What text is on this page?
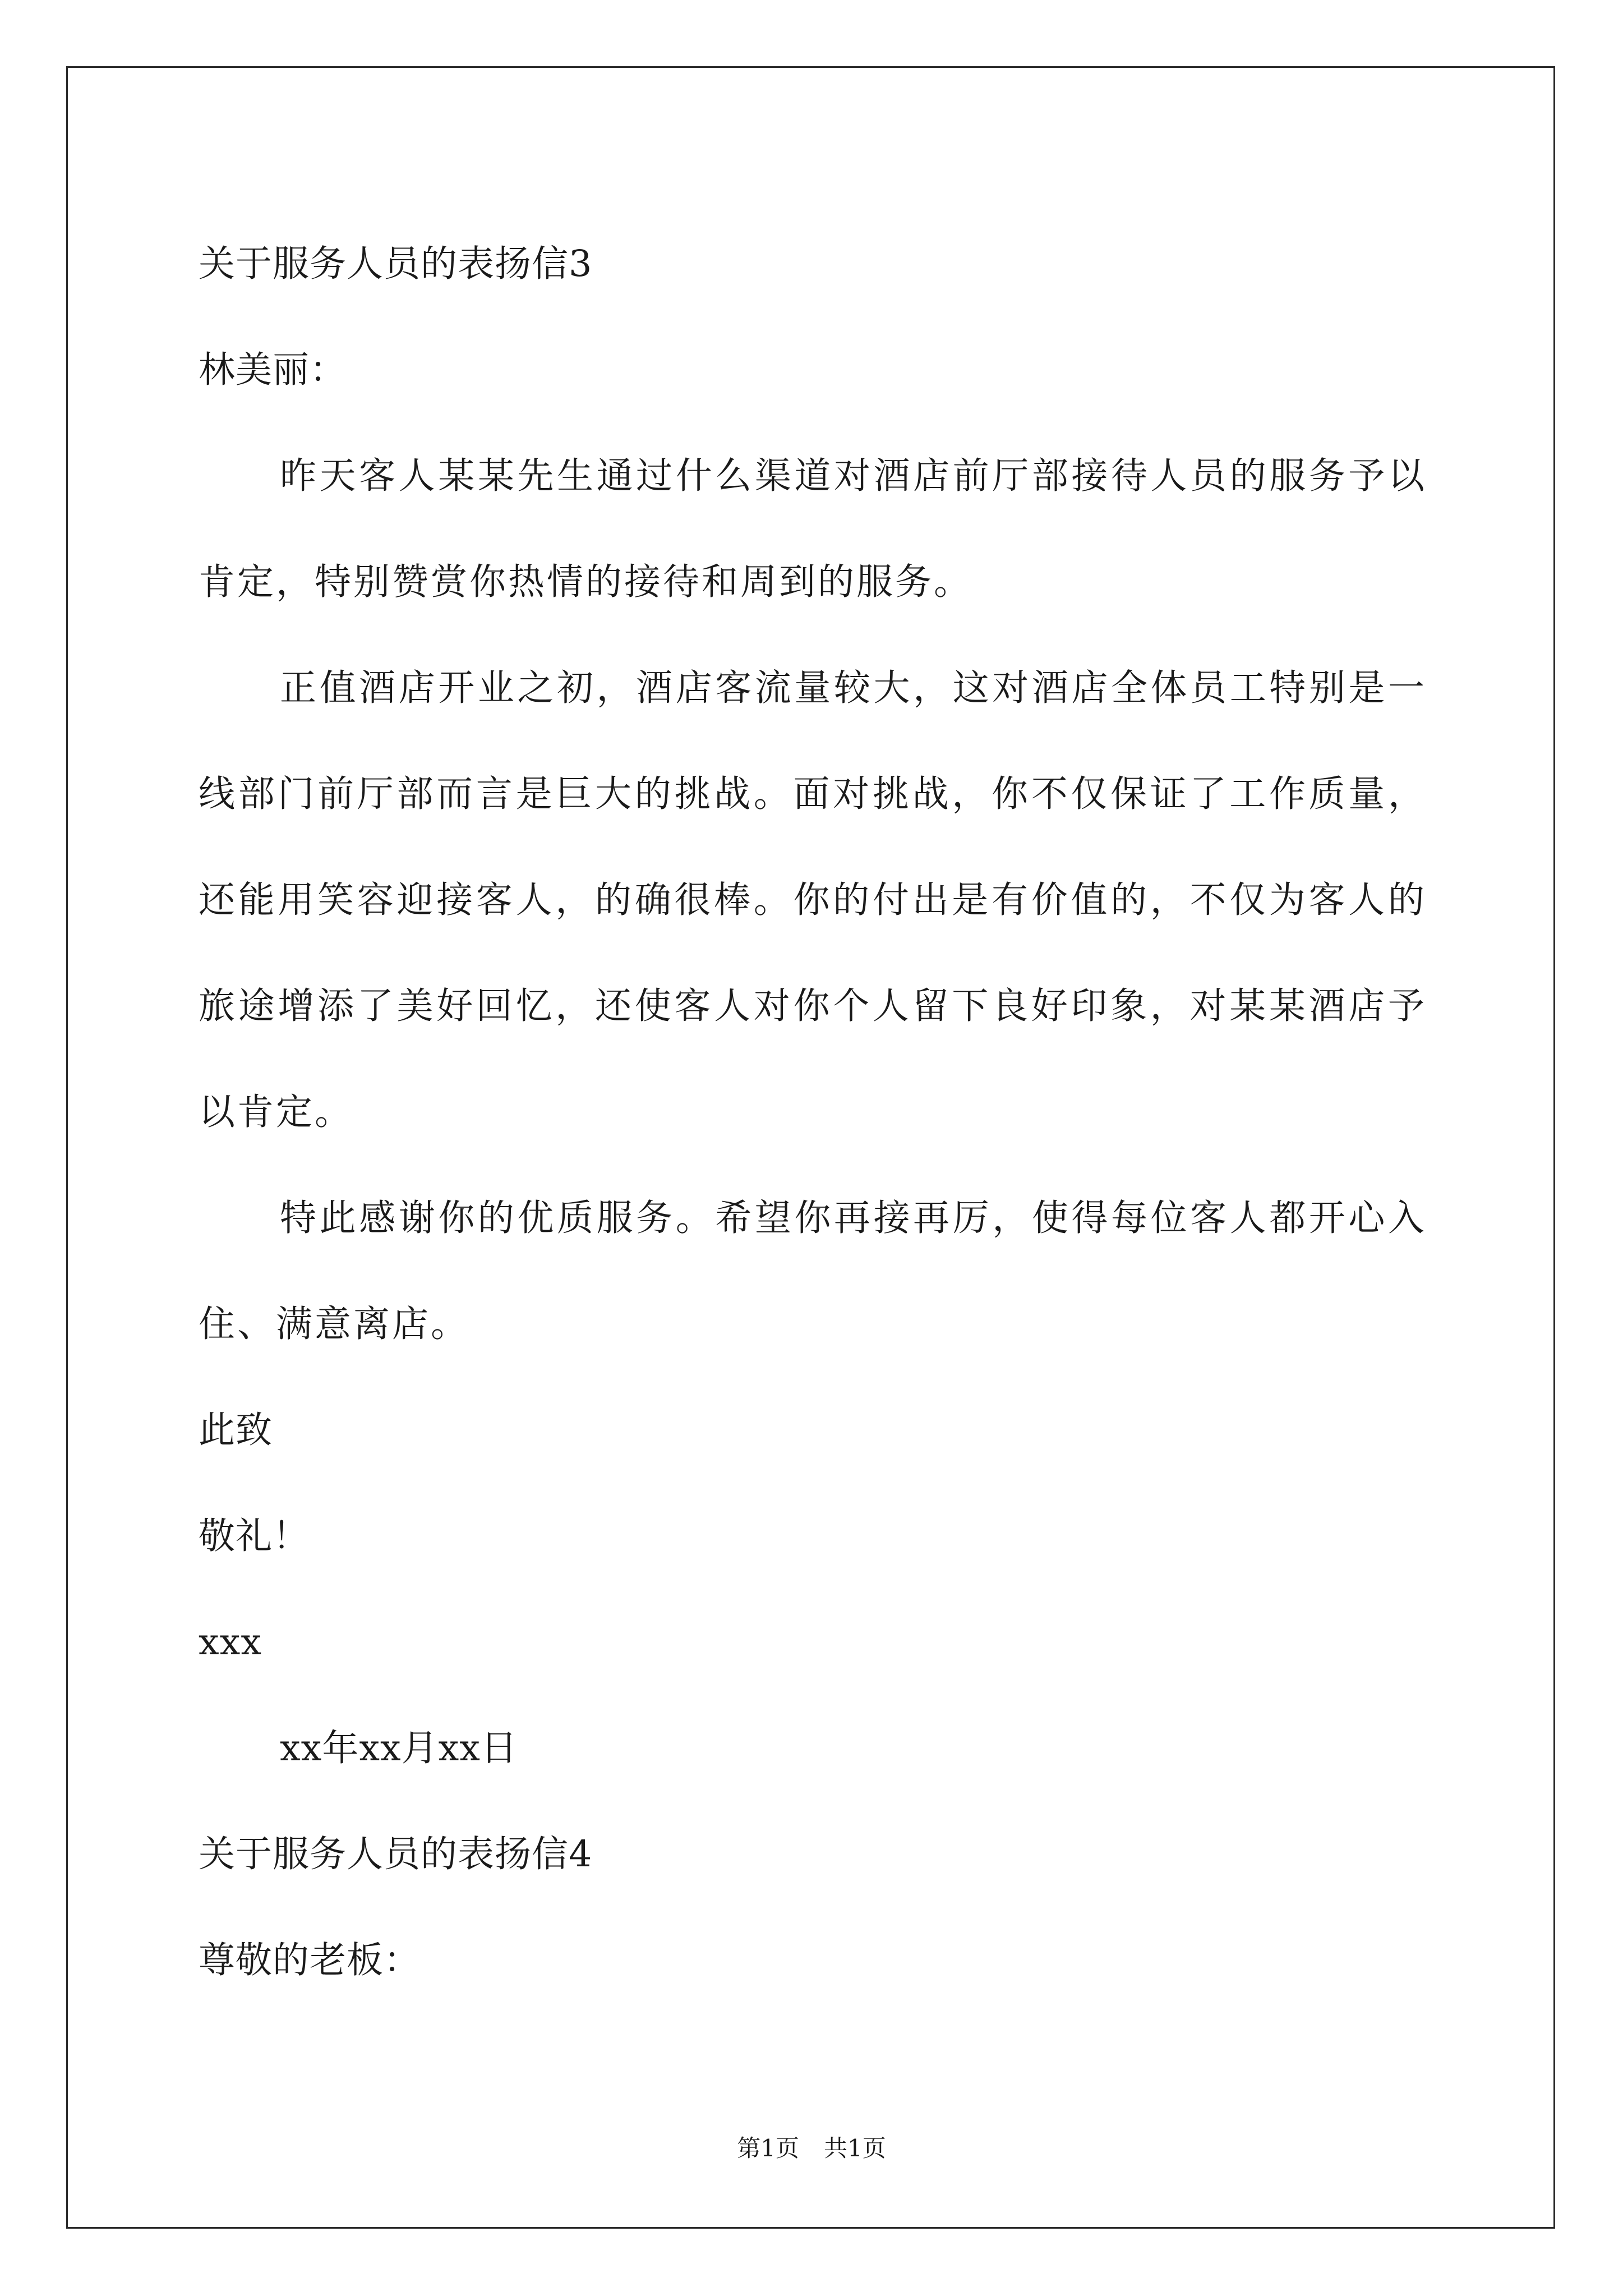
关于服务人员的表扬信3
林美丽：

昨天客人某某先生通过什么渠道对酒店前厅部接待人员的服务予以肯定，特别赞赏你热情的接待和周到的服务。

正值酒店开业之初，酒店客流量较大，这对酒店全体员工特别是一线部门前厅部而言是巨大的挑战。面对挑战，你不仅保证了工作质量，还能用笑容迎接客人，的确很棒。你的付出是有价值的，不仅为客人的旅途增添了美好回忆，还使客人对你个人留下良好印象，对某某酒店予以肯定。

特此感谢你的优质服务。希望你再接再厉，使得每位客人都开心入住、满意离店。

此致
敬礼！
xxx
xx年xx月xx日
关于服务人员的表扬信4
尊敬的老板：
第1页 共1页
